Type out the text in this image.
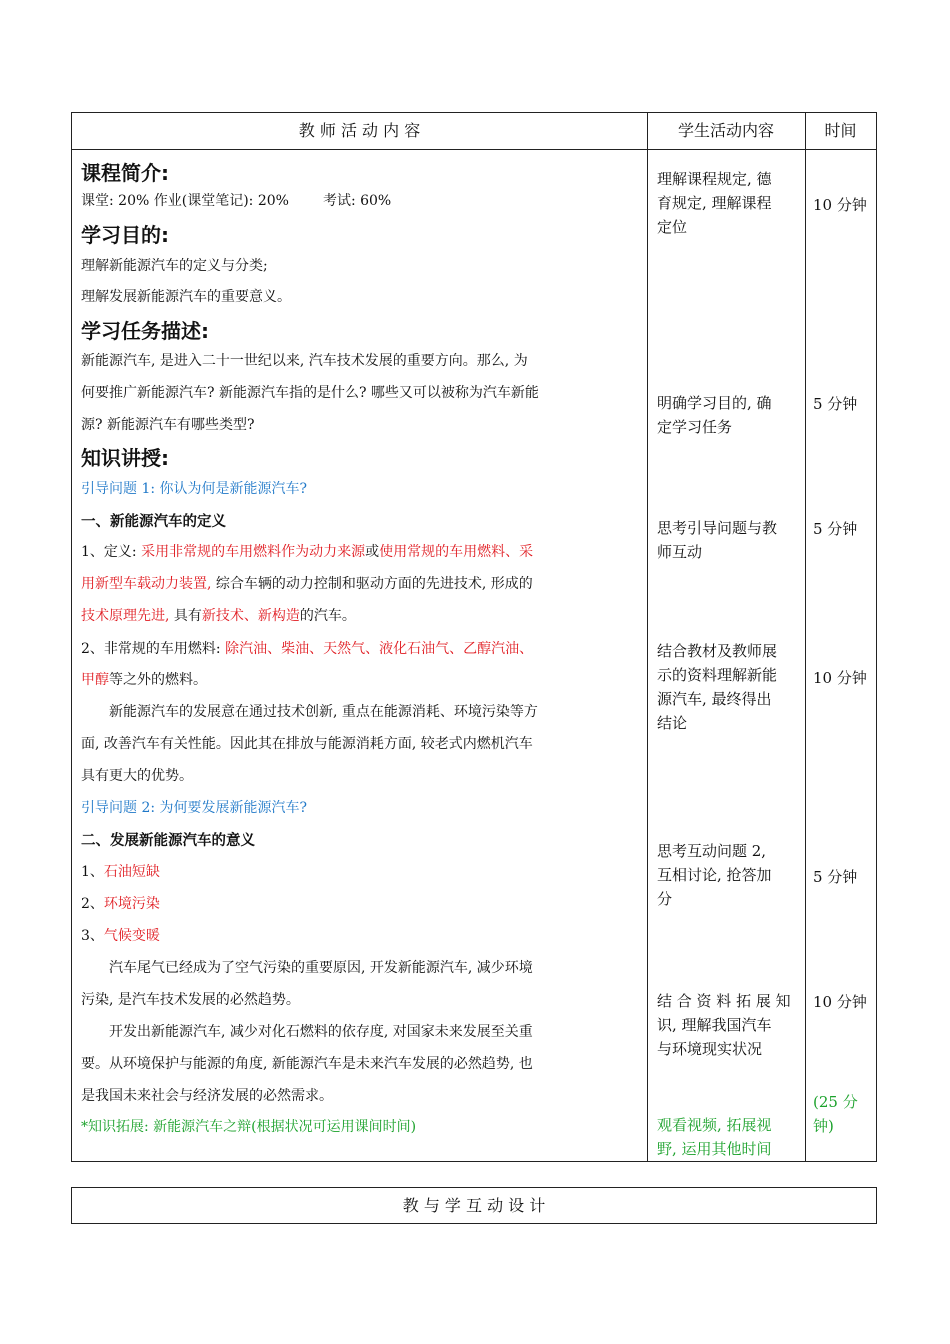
教 师 活 动 内 容	学生活动内容	时间
课程简介:
课堂: 20% 作业(课堂笔记): 20% 考试: 60%
学习目的:
理解新能源汽车的定义与分类;
理解发展新能源汽车的重要意义。
学习任务描述:
新能源汽车, 是进入二十一世纪以来, 汽车技术发展的重要方向。那么, 为
何要推广新能源汽车? 新能源汽车指的是什么? 哪些又可以被称为汽车新能
源? 新能源汽车有哪些类型?
知识讲授:
引导问题 1: 你认为何是新能源汽车?
一、新能源汽车的定义
1、定义: 采用非常规的车用燃料作为动力来源或使用常规的车用燃料、采
用新型车载动力装置, 综合车辆的动力控制和驱动方面的先进技术, 形成的
技术原理先进, 具有新技术、新构造的汽车。
2、非常规的车用燃料: 除汽油、柴油、天然气、液化石油气、乙醇汽油、
甲醇等之外的燃料。
新能源汽车的发展意在通过技术创新, 重点在能源消耗、环境污染等方
面, 改善汽车有关性能。因此其在排放与能源消耗方面, 较老式内燃机汽车
具有更大的优势。
引导问题 2: 为何要发展新能源汽车?
二、发展新能源汽车的意义
1、石油短缺
2、环境污染
3、气候变暖
汽车尾气已经成为了空气污染的重要原因, 开发新能源汽车, 减少环境
污染, 是汽车技术发展的必然趋势。
开发出新能源汽车, 减少对化石燃料的依存度, 对国家未来发展至关重
要。从环境保护与能源的角度, 新能源汽车是未来汽车发展的必然趋势, 也
是我国未来社会与经济发展的必然需求。
*知识拓展: 新能源汽车之辩(根据状况可运用课间时间)
理解课程规定, 德
育规定, 理解课程
定位
明确学习目的, 确
定学习任务
思考引导问题与教
师互动
结合教材及教师展
示的资料理解新能
源汽车, 最终得出
结论
思考互动问题 2,
互相讨论, 抢答加
分
结 合 资 料 拓 展 知
识, 理解我国汽车
与环境现实状况
观看视频, 拓展视
野, 运用其他时间
10 分钟
5 分钟
5 分钟
10 分钟
5 分钟
10 分钟
(25 分
钟)
教 与 学 互 动 设 计
